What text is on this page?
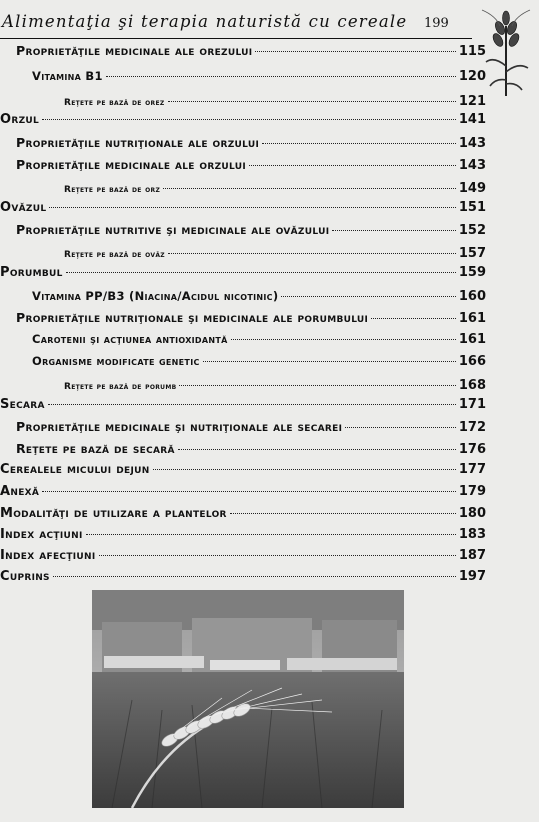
Alimentaţia şi terapia naturistă cu cereale 199
Proprietăţile medicinale ale orezului	115
Vitamina B1	120
Reţete pe bază de orez	121
Orzul	141
Proprietăţile nutriţionale ale orzului	143
Proprietăţile medicinale ale orzului	143
Reţete pe bază de orz	149
Ovăzul	151
Proprietăţile nutritive şi medicinale ale ovăzului	152
Reţete pe bază de ovăz	157
Porumbul	159
Vitamina PP/B3 (Niacina/Acidul nicotinic)	160
Proprietăţile nutriţionale şi medicinale ale porumbului	161
Carotenii şi acţiunea antioxidantă	161
Organisme modificate genetic	166
Reţete pe bază de porumb	168
Secara	171
Proprietăţile medicinale şi nutriţionale ale secarei	172
Reţete pe bază de secară	176
Cerealele micului dejun	177
Anexă	179
Modalităţi de utilizare a plantelor	180
Index acţiuni	183
Index afecţiuni	187
Cuprins	197
